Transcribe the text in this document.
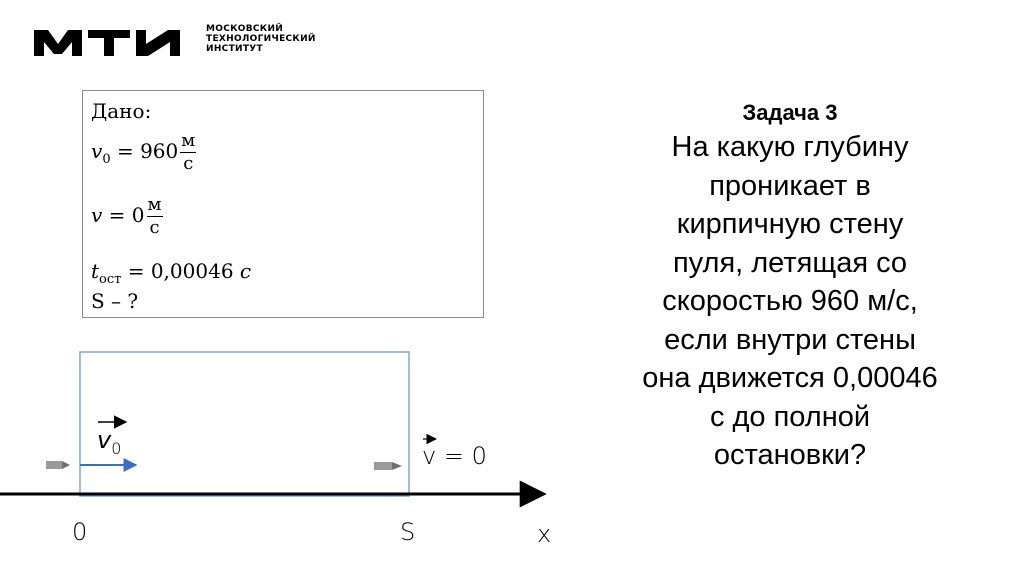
МОСКОВСКИЙ
ТЕХНОЛОГИЧЕСКИЙ
ИНСТИТУТ
Дано:
$v_0 = 960 \frac{м}{с}$
$v = 0 \frac{м}{с}$
$t_{ост} = 0,00046$ с
S – ?
Задача 3
На какую глубину
проникает в
кирпичную стену
пуля, летящая со
скоростью 960 м/с,
если внутри стены
она движется 0,00046
с до полной
остановки?
$v_0$	v = 0
0	S	x
